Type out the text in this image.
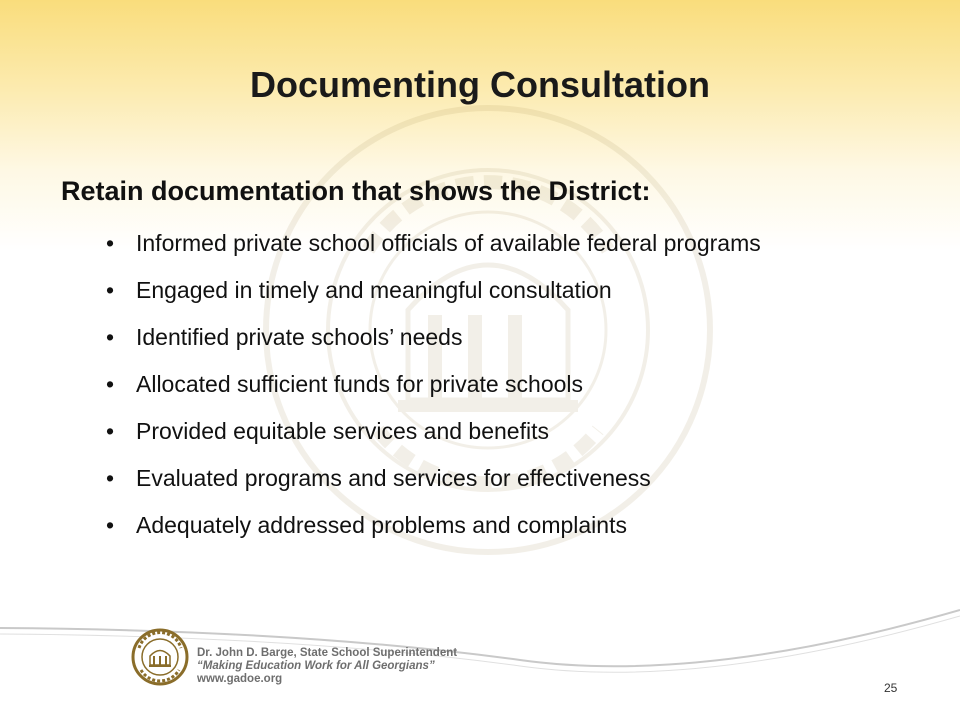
Documenting Consultation
Retain documentation that shows the District:
• Informed private school officials of available federal programs
• Engaged in timely and meaningful consultation
• Identified private schools’ needs
• Allocated sufficient funds for private schools
• Provided equitable services and benefits
• Evaluated programs and services for effectiveness
• Adequately addressed problems and complaints
Dr. John D. Barge, State School Superintendent
“Making Education Work for All Georgians”
www.gadoe.org
25
